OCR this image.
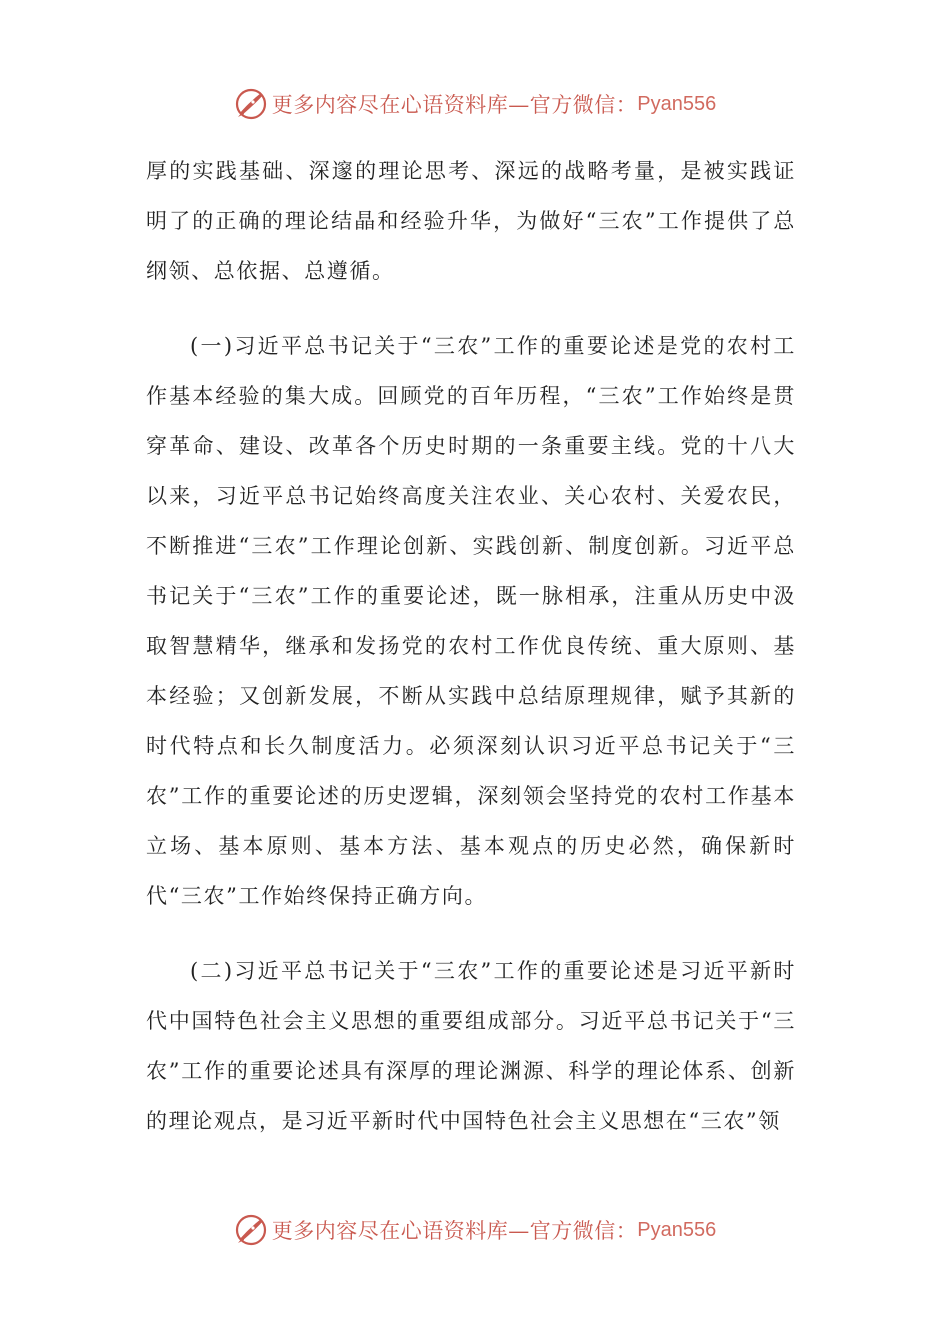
更多内容尽在心语资料库—官方微信： Pyan556

厚的实践基础、深邃的理论思考、深远的战略考量，是被实践证明了的正确的理论结晶和经验升华，为做好“三农”工作提供了总纲领、总依据、总遵循。

(一)习近平总书记关于“三农”工作的重要论述是党的农村工作基本经验的集大成。回顾党的百年历程，“三农”工作始终是贯穿革命、建设、改革各个历史时期的一条重要主线。党的十八大以来，习近平总书记始终高度关注农业、关心农村、关爱农民，不断推进“三农”工作理论创新、实践创新、制度创新。习近平总书记关于“三农”工作的重要论述，既一脉相承，注重从历史中汲取智慧精华，继承和发扬党的农村工作优良传统、重大原则、基本经验；又创新发展，不断从实践中总结原理规律，赋予其新的时代特点和长久制度活力。必须深刻认识习近平总书记关于“三农”工作的重要论述的历史逻辑，深刻领会坚持党的农村工作基本立场、基本原则、基本方法、基本观点的历史必然，确保新时代“三农”工作始终保持正确方向。

(二)习近平总书记关于“三农”工作的重要论述是习近平新时代中国特色社会主义思想的重要组成部分。习近平总书记关于“三农”工作的重要论述具有深厚的理论渊源、科学的理论体系、创新的理论观点，是习近平新时代中国特色社会主义思想在“三农”领

更多内容尽在心语资料库—官方微信： Pyan556
